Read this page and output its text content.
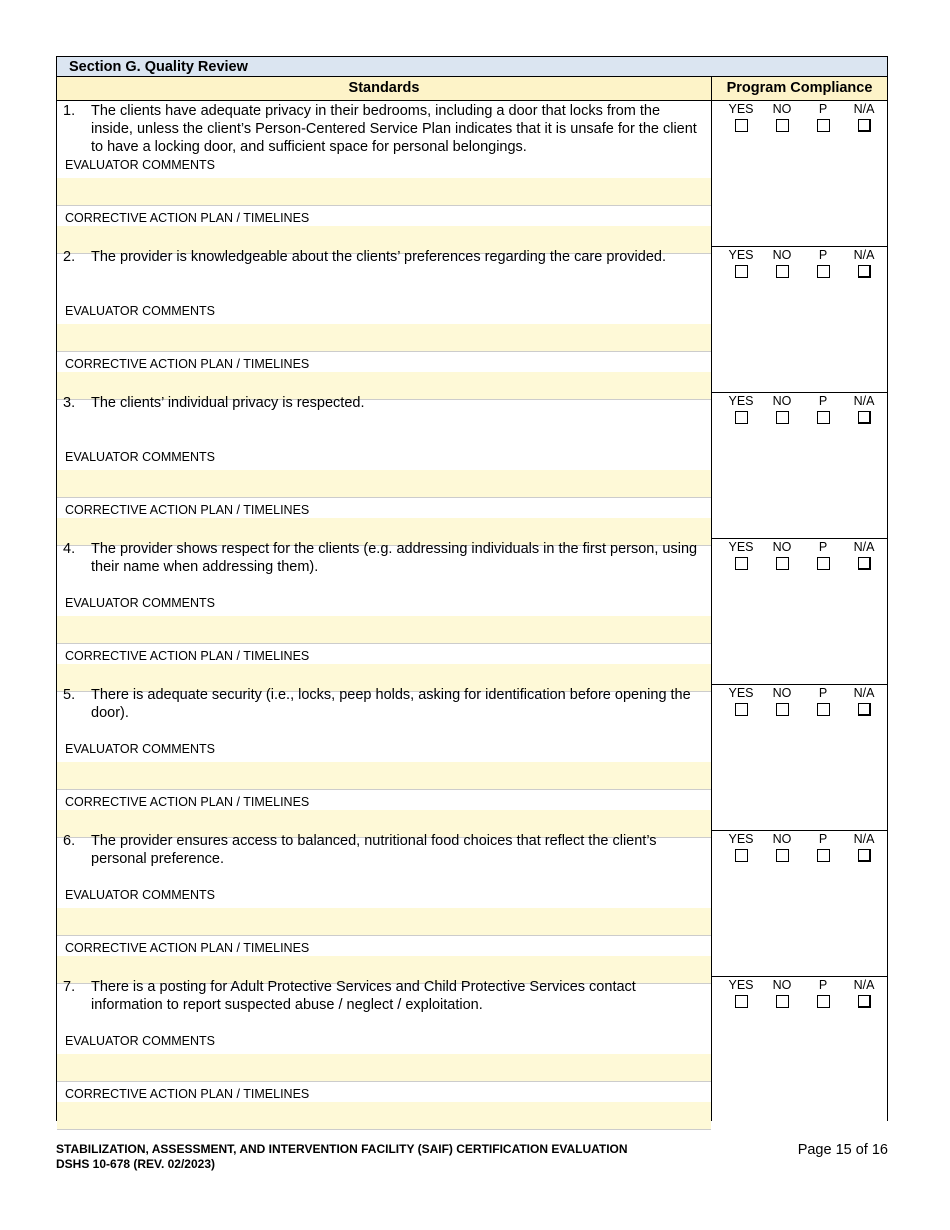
Section G. Quality Review
Standards	Program Compliance
1.	The clients have adequate privacy in their bedrooms, including a door that locks from the inside, unless the client’s Person-Centered Service Plan indicates that it is unsafe for the client to have a locking door, and sufficient space for personal belongings.
EVALUATOR COMMENTS
CORRECTIVE ACTION PLAN / TIMELINES
YES	NO	P	N/A
2.	The provider is knowledgeable about the clients’ preferences regarding the care provided.
EVALUATOR COMMENTS
CORRECTIVE ACTION PLAN / TIMELINES
YES	NO	P	N/A
3.	The clients’ individual privacy is respected.
EVALUATOR COMMENTS
CORRECTIVE ACTION PLAN / TIMELINES
YES	NO	P	N/A
4.	The provider shows respect for the clients (e.g. addressing individuals in the first person, using their name when addressing them).
EVALUATOR COMMENTS
CORRECTIVE ACTION PLAN / TIMELINES
YES	NO	P	N/A
5.	There is adequate security (i.e., locks, peep holds, asking for identification before opening the door).
EVALUATOR COMMENTS
CORRECTIVE ACTION PLAN / TIMELINES
YES	NO	P	N/A
6.	The provider ensures access to balanced, nutritional food choices that reflect the client’s personal preference.
EVALUATOR COMMENTS
CORRECTIVE ACTION PLAN / TIMELINES
YES	NO	P	N/A
7.	There is a posting for Adult Protective Services and Child Protective Services contact information to report suspected abuse / neglect / exploitation.
EVALUATOR COMMENTS
CORRECTIVE ACTION PLAN / TIMELINES
YES	NO	P	N/A
STABILIZATION, ASSESSMENT, AND INTERVENTION FACILITY (SAIF) CERTIFICATION EVALUATION
DSHS 10-678 (REV. 02/2023)
Page 15 of 16
